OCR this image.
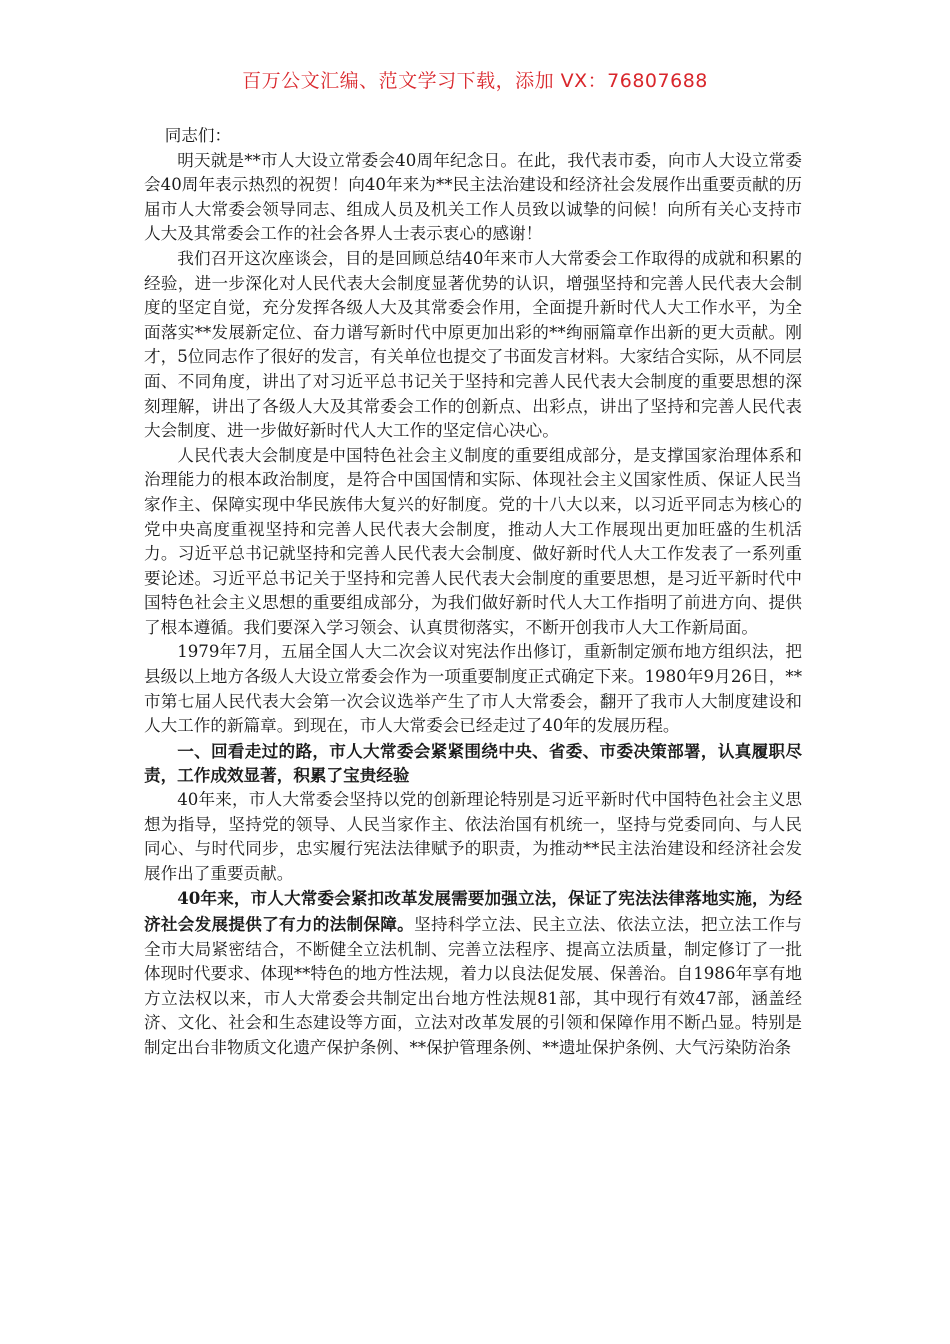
百万公文汇编、范文学习下载，添加 VX：76807688

同志们：

明天就是**市人大设立常委会40周年纪念日。在此，我代表市委，向市人大设立常委会40周年表示热烈的祝贺！向40年来为**民主法治建设和经济社会发展作出重要贡献的历届市人大常委会领导同志、组成人员及机关工作人员致以诚挚的问候！向所有关心支持市人大及其常委会工作的社会各界人士表示衷心的感谢！

我们召开这次座谈会，目的是回顾总结40年来市人大常委会工作取得的成就和积累的经验，进一步深化对人民代表大会制度显著优势的认识，增强坚持和完善人民代表大会制度的坚定自觉，充分发挥各级人大及其常委会作用，全面提升新时代人大工作水平，为全面落实**发展新定位、奋力谱写新时代中原更加出彩的**绚丽篇章作出新的更大贡献。刚才，5位同志作了很好的发言，有关单位也提交了书面发言材料。大家结合实际，从不同层面、不同角度，讲出了对习近平总书记关于坚持和完善人民代表大会制度的重要思想的深刻理解，讲出了各级人大及其常委会工作的创新点、出彩点，讲出了坚持和完善人民代表大会制度、进一步做好新时代人大工作的坚定信心决心。

人民代表大会制度是中国特色社会主义制度的重要组成部分，是支撑国家治理体系和治理能力的根本政治制度，是符合中国国情和实际、体现社会主义国家性质、保证人民当家作主、保障实现中华民族伟大复兴的好制度。党的十八大以来，以习近平同志为核心的党中央高度重视坚持和完善人民代表大会制度，推动人大工作展现出更加旺盛的生机活力。习近平总书记就坚持和完善人民代表大会制度、做好新时代人大工作发表了一系列重要论述。习近平总书记关于坚持和完善人民代表大会制度的重要思想，是习近平新时代中国特色社会主义思想的重要组成部分，为我们做好新时代人大工作指明了前进方向、提供了根本遵循。我们要深入学习领会、认真贯彻落实，不断开创我市人大工作新局面。

1979年7月，五届全国人大二次会议对宪法作出修订，重新制定颁布地方组织法，把县级以上地方各级人大设立常委会作为一项重要制度正式确定下来。1980年9月26日，**市第七届人民代表大会第一次会议选举产生了市人大常委会，翻开了我市人大制度建设和人大工作的新篇章。到现在，市人大常委会已经走过了40年的发展历程。

一、回看走过的路，市人大常委会紧紧围绕中央、省委、市委决策部署，认真履职尽责，工作成效显著，积累了宝贵经验

40年来，市人大常委会坚持以党的创新理论特别是习近平新时代中国特色社会主义思想为指导，坚持党的领导、人民当家作主、依法治国有机统一，坚持与党委同向、与人民同心、与时代同步，忠实履行宪法法律赋予的职责，为推动**民主法治建设和经济社会发展作出了重要贡献。

40年来，市人大常委会紧扣改革发展需要加强立法，保证了宪法法律落地实施，为经济社会发展提供了有力的法制保障。坚持科学立法、民主立法、依法立法，把立法工作与全市大局紧密结合，不断健全立法机制、完善立法程序、提高立法质量，制定修订了一批体现时代要求、体现**特色的地方性法规，着力以良法促发展、保善治。自1986年享有地方立法权以来，市人大常委会共制定出台地方性法规81部，其中现行有效47部，涵盖经济、文化、社会和生态建设等方面，立法对改革发展的引领和保障作用不断凸显。特别是制定出台非物质文化遗产保护条例、**保护管理条例、**遗址保护条例、大气污染防治条
